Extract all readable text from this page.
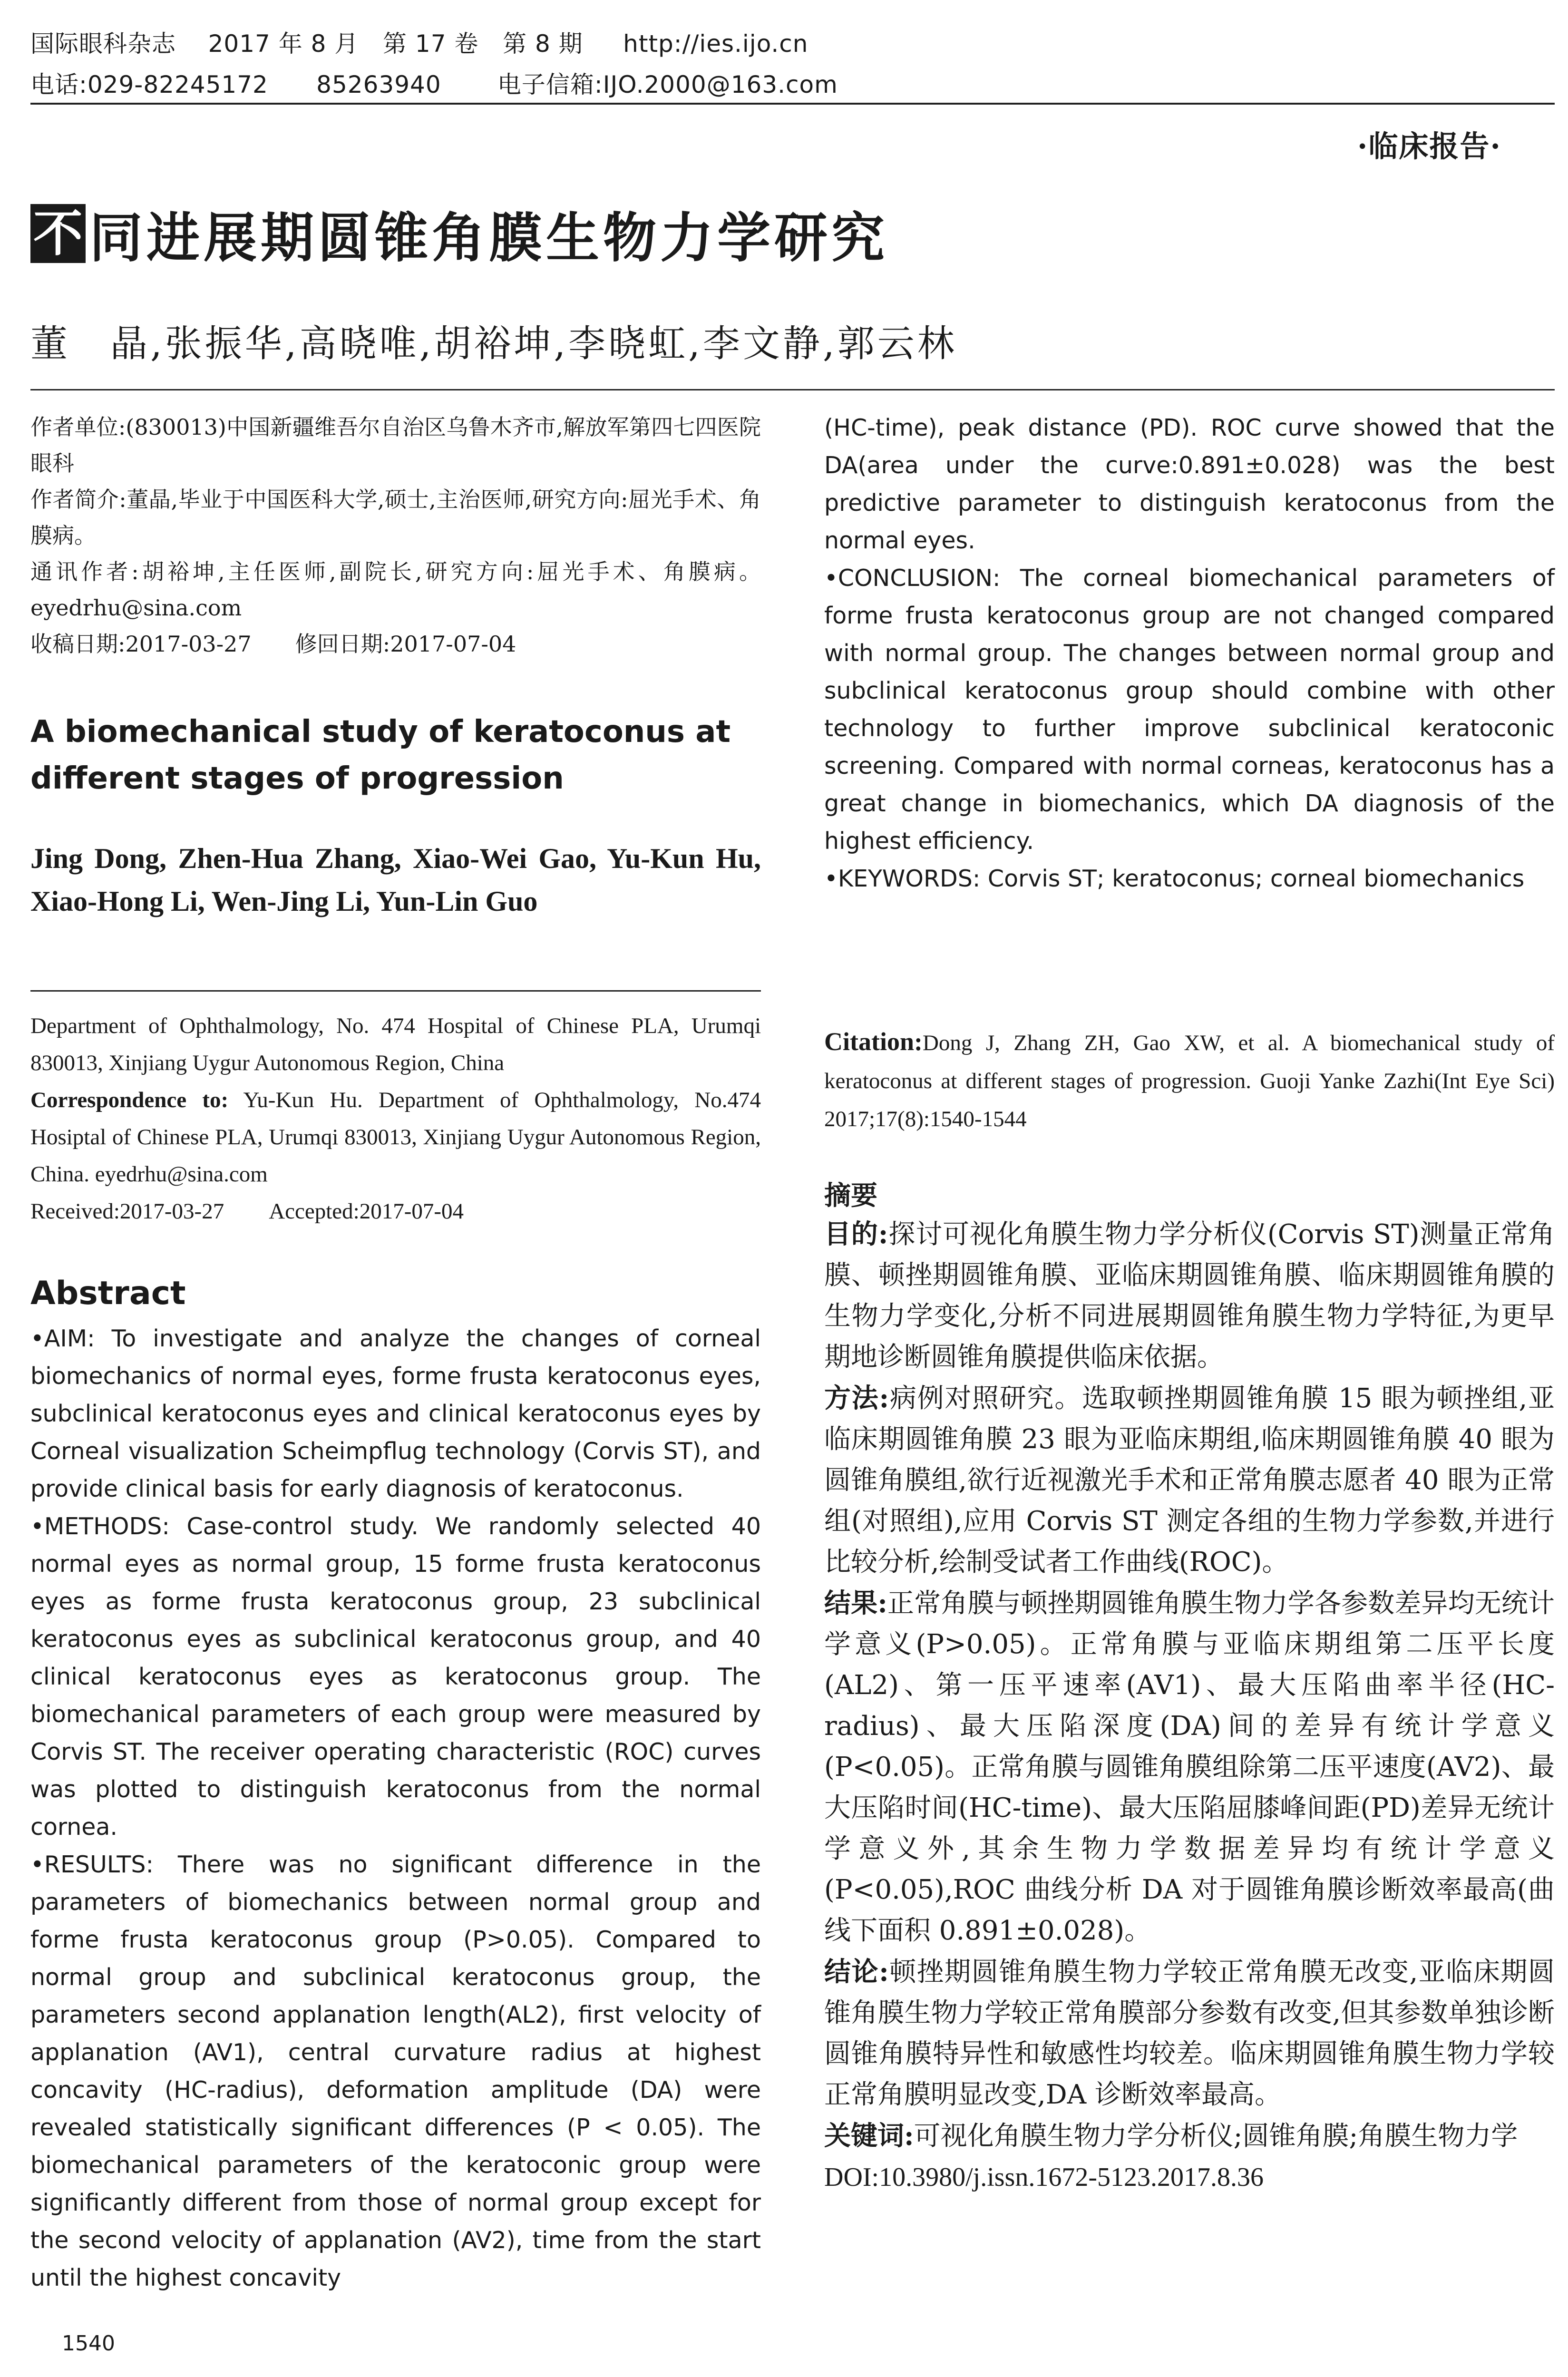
国际眼科杂志    2017 年 8 月   第 17 卷   第 8 期     http://ies.ijo.cn
电话:029-82245172      85263940       电子信箱:IJO.2000@163.com
·临床报告·
不 同进展期圆锥角膜生物力学研究
董　晶,张振华,高晓唯,胡裕坤,李晓虹,李文静,郭云林

作者单位:(830013)中国新疆维吾尔自治区乌鲁木齐市,解放军第四七四医院眼科

作者简介:董晶,毕业于中国医科大学,硕士,主治医师,研究方向:屈光手术、角膜病。

通讯作者:胡裕坤,主任医师,副院长,研究方向:屈光手术、角膜病。eyedrhu@sina.com

收稿日期:2017-03-27　　修回日期:2017-07-04

A biomechanical study of keratoconus at different stages of progression
Jing Dong, Zhen-Hua Zhang, Xiao-Wei Gao, Yu-Kun Hu, Xiao-Hong Li, Wen-Jing Li, Yun-Lin Guo

Department of Ophthalmology, No. 474 Hospital of Chinese PLA, Urumqi 830013, Xinjiang Uygur Autonomous Region, China

Correspondence to: Yu-Kun Hu. Department of Ophthalmology, No.474 Hosiptal of Chinese PLA, Urumqi 830013, Xinjiang Uygur Autonomous Region, China. eyedrhu@sina.com

Received:2017-03-27　　Accepted:2017-07-04

Abstract

•AIM: To investigate and analyze the changes of corneal biomechanics of normal eyes, forme frusta keratoconus eyes, subclinical keratoconus eyes and clinical keratoconus eyes by Corneal visualization Scheimpflug technology (Corvis ST), and provide clinical basis for early diagnosis of keratoconus.

•METHODS: Case-control study. We randomly selected 40 normal eyes as normal group, 15 forme frusta keratoconus eyes as forme frusta keratoconus group, 23 subclinical keratoconus eyes as subclinical keratoconus group, and 40 clinical keratoconus eyes as keratoconus group. The biomechanical parameters of each group were measured by Corvis ST. The receiver operating characteristic (ROC) curves was plotted to distinguish keratoconus from the normal cornea.

•RESULTS: There was no significant difference in the parameters of biomechanics between normal group and forme frusta keratoconus group (P>0.05). Compared to normal group and subclinical keratoconus group, the parameters second applanation length(AL2), first velocity of applanation (AV1), central curvature radius at highest concavity (HC-radius), deformation amplitude (DA) were revealed statistically significant differences (P < 0.05). The biomechanical parameters of the keratoconic group were significantly different from those of normal group except for the second velocity of applanation (AV2), time from the start until the highest concavity

1540

(HC-time), peak distance (PD). ROC curve showed that the DA(area under the curve:0.891±0.028) was the best predictive parameter to distinguish keratoconus from the normal eyes.

•CONCLUSION: The corneal biomechanical parameters of forme frusta keratoconus group are not changed compared with normal group. The changes between normal group and subclinical keratoconus group should combine with other technology to further improve subclinical keratoconic screening. Compared with normal corneas, keratoconus has a great change in biomechanics, which DA diagnosis of the highest efficiency.

•KEYWORDS: Corvis ST; keratoconus; corneal biomechanics

Citation:Dong J, Zhang ZH, Gao XW, et al. A biomechanical study of keratoconus at different stages of progression. Guoji Yanke Zazhi(Int Eye Sci) 2017;17(8):1540-1544
摘要

目的:探讨可视化角膜生物力学分析仪(Corvis ST)测量正常角膜、顿挫期圆锥角膜、亚临床期圆锥角膜、临床期圆锥角膜的生物力学变化,分析不同进展期圆锥角膜生物力学特征,为更早期地诊断圆锥角膜提供临床依据。

方法:病例对照研究。选取顿挫期圆锥角膜 15 眼为顿挫组,亚临床期圆锥角膜 23 眼为亚临床期组,临床期圆锥角膜 40 眼为圆锥角膜组,欲行近视激光手术和正常角膜志愿者 40 眼为正常组(对照组),应用 Corvis ST 测定各组的生物力学参数,并进行比较分析,绘制受试者工作曲线(ROC)。

结果:正常角膜与顿挫期圆锥角膜生物力学各参数差异均无统计学意义(P>0.05)。正常角膜与亚临床期组第二压平长度(AL2)、第一压平速率(AV1)、最大压陷曲率半径(HC-radius)、最大压陷深度(DA)间的差异有统计学意义(P<0.05)。正常角膜与圆锥角膜组除第二压平速度(AV2)、最大压陷时间(HC-time)、最大压陷屈膝峰间距(PD)差异无统计学意义外,其余生物力学数据差异均有统计学意义(P<0.05),ROC 曲线分析 DA 对于圆锥角膜诊断效率最高(曲线下面积 0.891±0.028)。

结论:顿挫期圆锥角膜生物力学较正常角膜无改变,亚临床期圆锥角膜生物力学较正常角膜部分参数有改变,但其参数单独诊断圆锥角膜特异性和敏感性均较差。临床期圆锥角膜生物力学较正常角膜明显改变,DA 诊断效率最高。

关键词:可视化角膜生物力学分析仪;圆锥角膜;角膜生物力学

DOI:10.3980/j.issn.1672-5123.2017.8.36
